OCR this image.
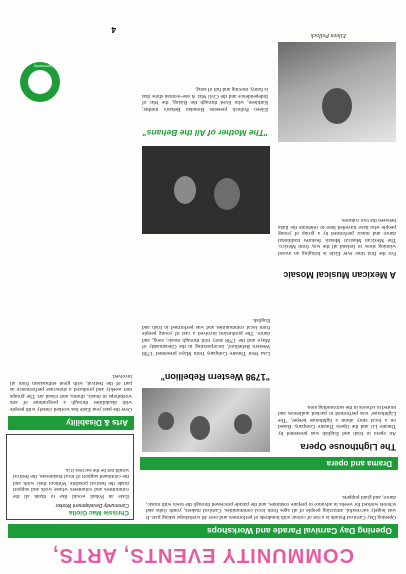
COMMUNITY EVENTS, ARTS,
Opening Day Carnival Parade and Workshops
Opening Day Carnival Parade is a riot of colour with hundreds of performers and over 40 workshops taking part. It was hugely successful, attracting people of all ages from local communities. Carnival makers, youth clubs and schools worked for weeks in advance to prepare costumes, and the parade processed through the town with music, dance, and giant puppets.
Chrissie Mac Giolla
Community Development Worker
Eisle an Pobail would like to thank all the committees and volunteers whose work and support made the festival possible. Without their work and the continued support of local businesses, the festival would not be the success it is.
Drama and opera
The Lighthouse Opera
An opera in Irish and English was presented by Theatre Lir and the Opera Theatre Company. Based on a local story about a lighthouse keeper, 'The Lighthouse' was performed to packed audiences and toured to schools in the surrounding area.
"1798 Western Rebellion"
Lisa Weir Theatre Company from Mayo presented '1798 Western Rebellion', incorporating in the Glenamaddy of Mayo and the 1798 story told through music, song, and dance. The production involved a cast of young people from local communities and was performed in Irish and English.
Arts & Disability
Over the past year Eisle has worked closely with people with disabilities through a programme of arts workshops in music, drama, and visual art. The groups met weekly and produced a showcase performance as part of the festival, with great enthusiasm from all involved.
A Mexican Musical Mosaic
For the first time ever Eisle is bringing an award winning show to Ireland all the way from Mexico. The Mexican Musical Mosaic features traditional dance and music performed by a group of young people who have travelled here to celebrate the links between the two cultures.
"The Mother of All the Behans"
Eileen Pollock presents Brendan Behan's mother, Kathleen, who lived through the Rising, the War of Independence and the Civil War. A one-woman show that is funny, moving and full of song.
Eileen Pollock
Community
4
